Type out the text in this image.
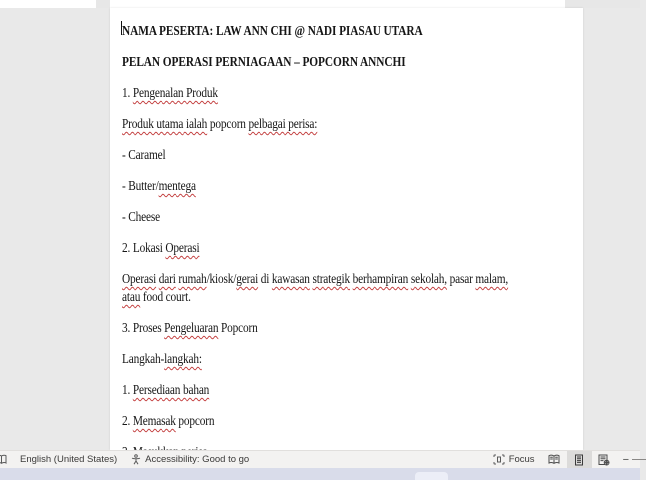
NAMA PESERTA: LAW ANN CHI @ NADI PIASAU UTARA
PELAN OPERASI PERNIAGAAN – POPCORN ANNCHI
1. Pengenalan Produk
Produk utama ialah popcorn pelbagai perisa:
- Caramel
- Butter/mentega
- Cheese
2. Lokasi Operasi
Operasi dari rumah/kiosk/gerai di kawasan strategik berhampiran sekolah, pasar malam,
atau food court.
3. Proses Pengeluaran Popcorn
Langkah-langkah:
1. Persediaan bahan
2. Memasak popcorn
English (United States)	Accessibility: Good to go	Focus	−
